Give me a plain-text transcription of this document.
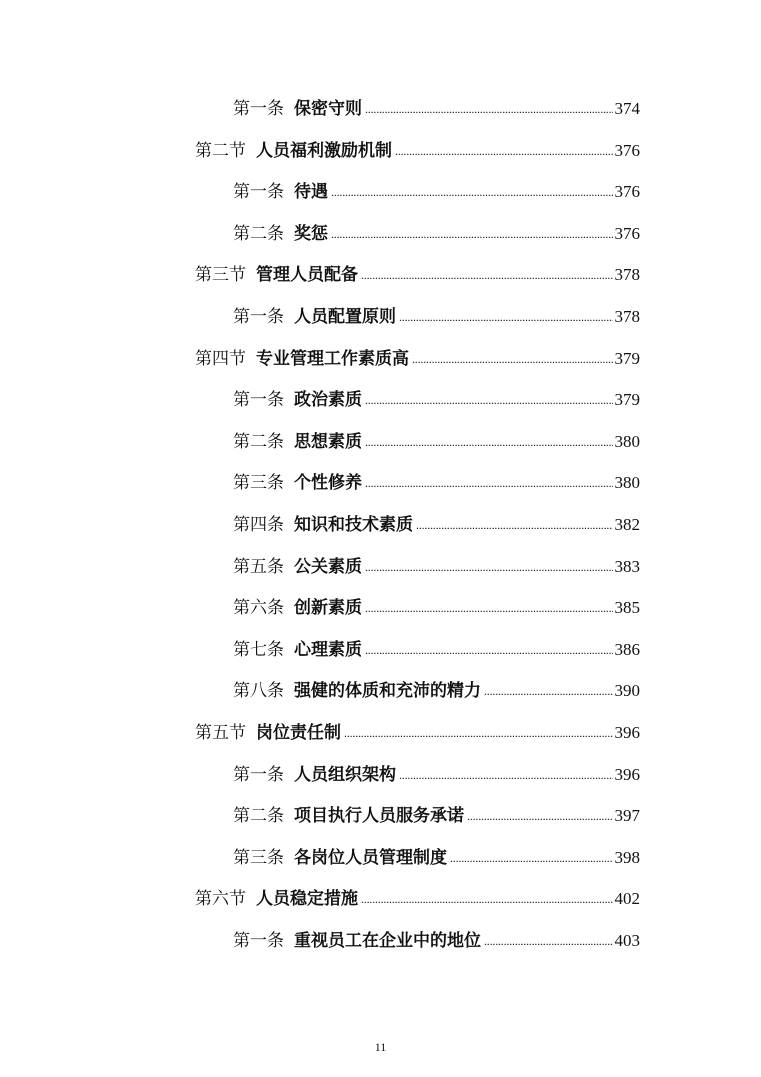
第一条 保密守则 . . .	374
第二节 人员福利激励机制 . . .	376
第一条 待遇 . . .	376
第二条 奖惩 . . .	376
第三节 管理人员配备 . . .	378
第一条 人员配置原则 . . .	378
第四节 专业管理工作素质高 . . .	379
第一条 政治素质 . . .	379
第二条 思想素质 . . .	380
第三条 个性修养 . . .	380
第四条 知识和技术素质 . . .	382
第五条 公关素质 . . .	383
第六条 创新素质 . . .	385
第七条 心理素质 . . .	386
第八条 强健的体质和充沛的精力 . . .	390
第五节 岗位责任制 . . .	396
第一条 人员组织架构 . . .	396
第二条 项目执行人员服务承诺 . . .	397
第三条 各岗位人员管理制度 . . .	398
第六节 人员稳定措施 . . .	402
第一条 重视员工在企业中的地位 . . .	403
11
